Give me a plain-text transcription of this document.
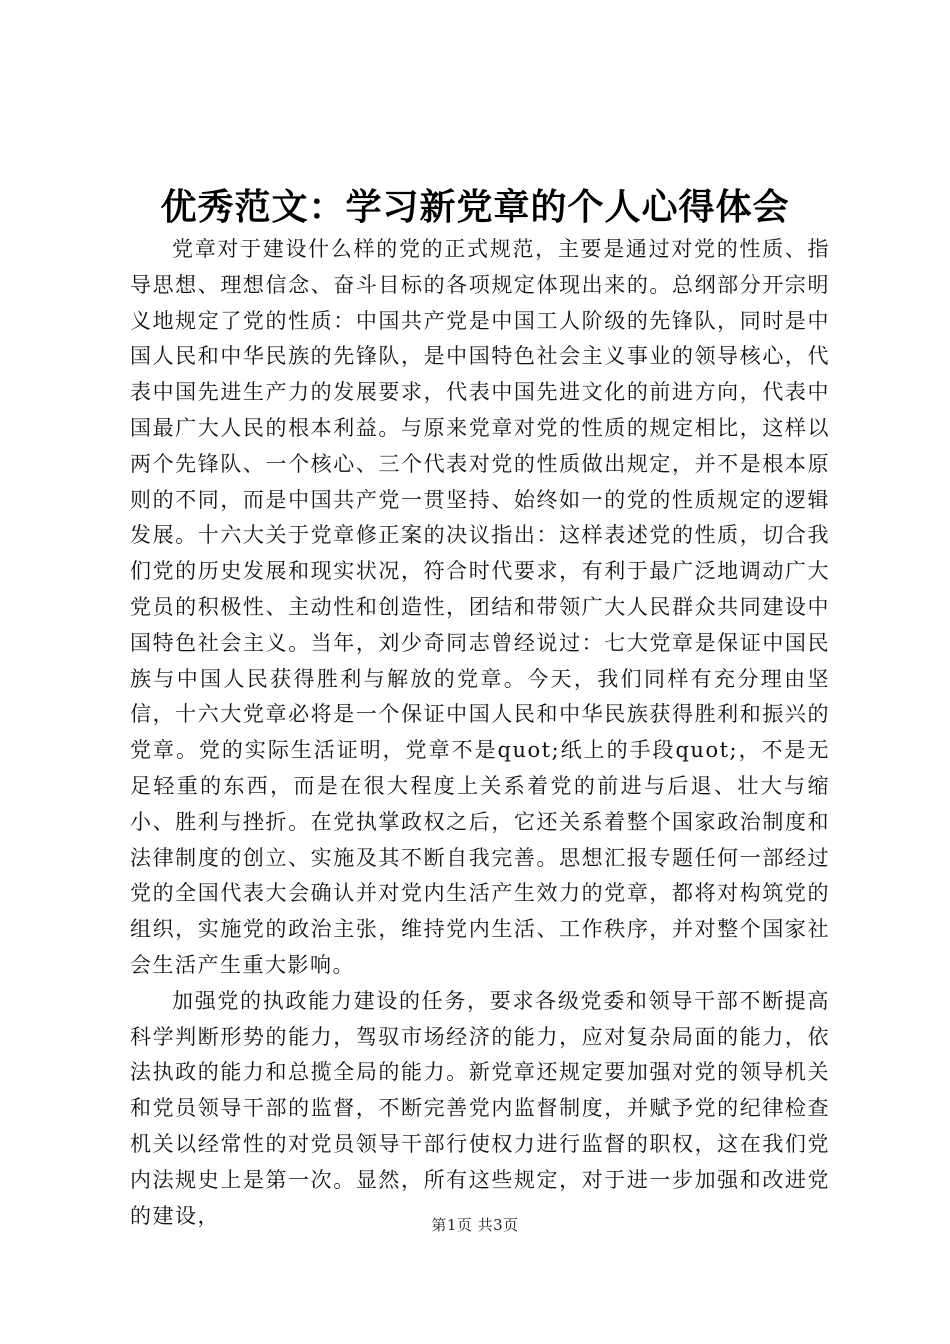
优秀范文：学习新党章的个人心得体会

党章对于建设什么样的党的正式规范，主要是通过对党的性质、指导思想、理想信念、奋斗目标的各项规定体现出来的。总纲部分开宗明义地规定了党的性质：中国共产党是中国工人阶级的先锋队，同时是中国人民和中华民族的先锋队，是中国特色社会主义事业的领导核心，代表中国先进生产力的发展要求，代表中国先进文化的前进方向，代表中国最广大人民的根本利益。与原来党章对党的性质的规定相比，这样以两个先锋队、一个核心、三个代表对党的性质做出规定，并不是根本原则的不同，而是中国共产党一贯坚持、始终如一的党的性质规定的逻辑发展。十六大关于党章修正案的决议指出：这样表述党的性质，切合我们党的历史发展和现实状况，符合时代要求，有利于最广泛地调动广大党员的积极性、主动性和创造性，团结和带领广大人民群众共同建设中国特色社会主义。当年，刘少奇同志曾经说过：七大党章是保证中国民族与中国人民获得胜利与解放的党章。今天，我们同样有充分理由坚信，十六大党章必将是一个保证中国人民和中华民族获得胜利和振兴的党章。党的实际生活证明，党章不是quot;纸上的手段quot;，不是无足轻重的东西，而是在很大程度上关系着党的前进与后退、壮大与缩小、胜利与挫折。在党执掌政权之后，它还关系着整个国家政治制度和法律制度的创立、实施及其不断自我完善。思想汇报专题任何一部经过党的全国代表大会确认并对党内生活产生效力的党章，都将对构筑党的组织，实施党的政治主张，维持党内生活、工作秩序，并对整个国家社会生活产生重大影响。

加强党的执政能力建设的任务，要求各级党委和领导干部不断提高科学判断形势的能力，驾驭市场经济的能力，应对复杂局面的能力，依法执政的能力和总揽全局的能力。新党章还规定要加强对党的领导机关和党员领导干部的监督，不断完善党内监督制度，并赋予党的纪律检查机关以经常性的对党员领导干部行使权力进行监督的职权，这在我们党内法规史上是第一次。显然，所有这些规定，对于进一步加强和改进党的建设，	第1页 共3页
